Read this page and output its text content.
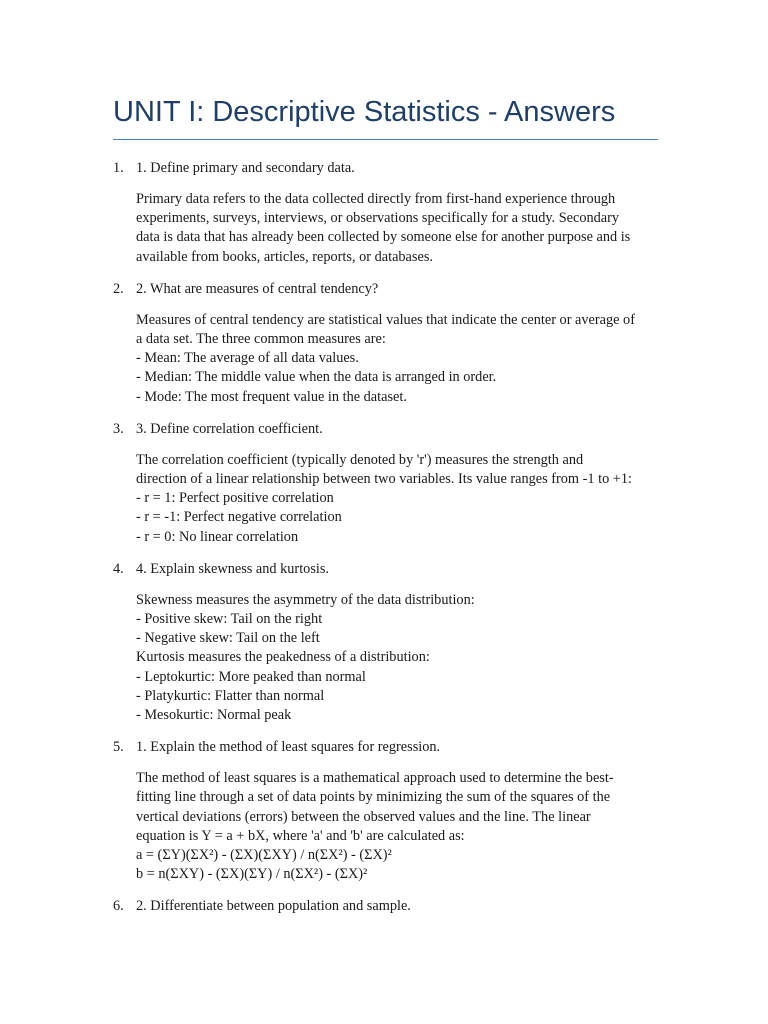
UNIT I: Descriptive Statistics - Answers
1. 1. Define primary and secondary data.
Primary data refers to the data collected directly from first-hand experience through
experiments, surveys, interviews, or observations specifically for a study. Secondary
data is data that has already been collected by someone else for another purpose and is
available from books, articles, reports, or databases.
2. 2. What are measures of central tendency?
Measures of central tendency are statistical values that indicate the center or average of
a data set. The three common measures are:
- Mean: The average of all data values.
- Median: The middle value when the data is arranged in order.
- Mode: The most frequent value in the dataset.
3. 3. Define correlation coefficient.
The correlation coefficient (typically denoted by 'r') measures the strength and
direction of a linear relationship between two variables. Its value ranges from -1 to +1:
- r = 1: Perfect positive correlation
- r = -1: Perfect negative correlation
- r = 0: No linear correlation
4. 4. Explain skewness and kurtosis.
Skewness measures the asymmetry of the data distribution:
- Positive skew: Tail on the right
- Negative skew: Tail on the left
Kurtosis measures the peakedness of a distribution:
- Leptokurtic: More peaked than normal
- Platykurtic: Flatter than normal
- Mesokurtic: Normal peak
5. 1. Explain the method of least squares for regression.
The method of least squares is a mathematical approach used to determine the best-
fitting line through a set of data points by minimizing the sum of the squares of the
vertical deviations (errors) between the observed values and the line. The linear
equation is Y = a + bX, where 'a' and 'b' are calculated as:
a = (ΣY)(ΣX²) - (ΣX)(ΣXY) / n(ΣX²) - (ΣX)²
b = n(ΣXY) - (ΣX)(ΣY) / n(ΣX²) - (ΣX)²
6. 2. Differentiate between population and sample.
